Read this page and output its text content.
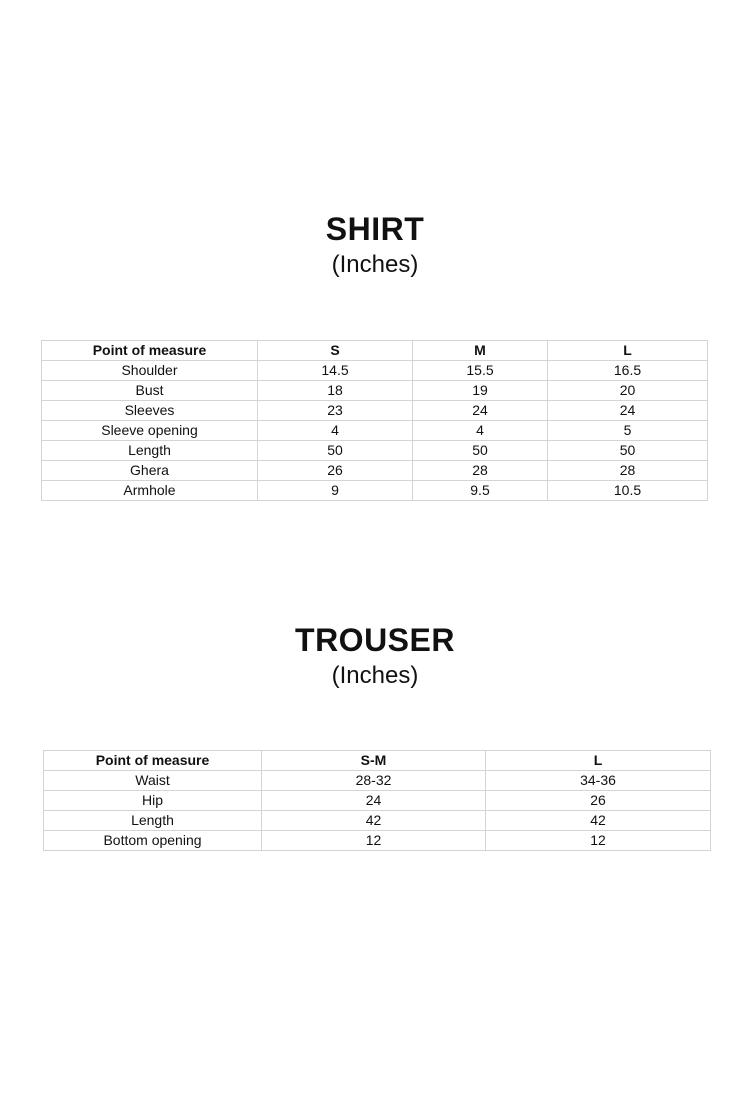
SHIRT
(Inches)
Point of measure	S	M	L
Shoulder	14.5	15.5	16.5
Bust	18	19	20
Sleeves	23	24	24
Sleeve opening	4	4	5
Length	50	50	50
Ghera	26	28	28
Armhole	9	9.5	10.5
TROUSER
(Inches)
Point of measure	S-M	L
Waist	28-32	34-36
Hip	24	26
Length	42	42
Bottom opening	12	12
